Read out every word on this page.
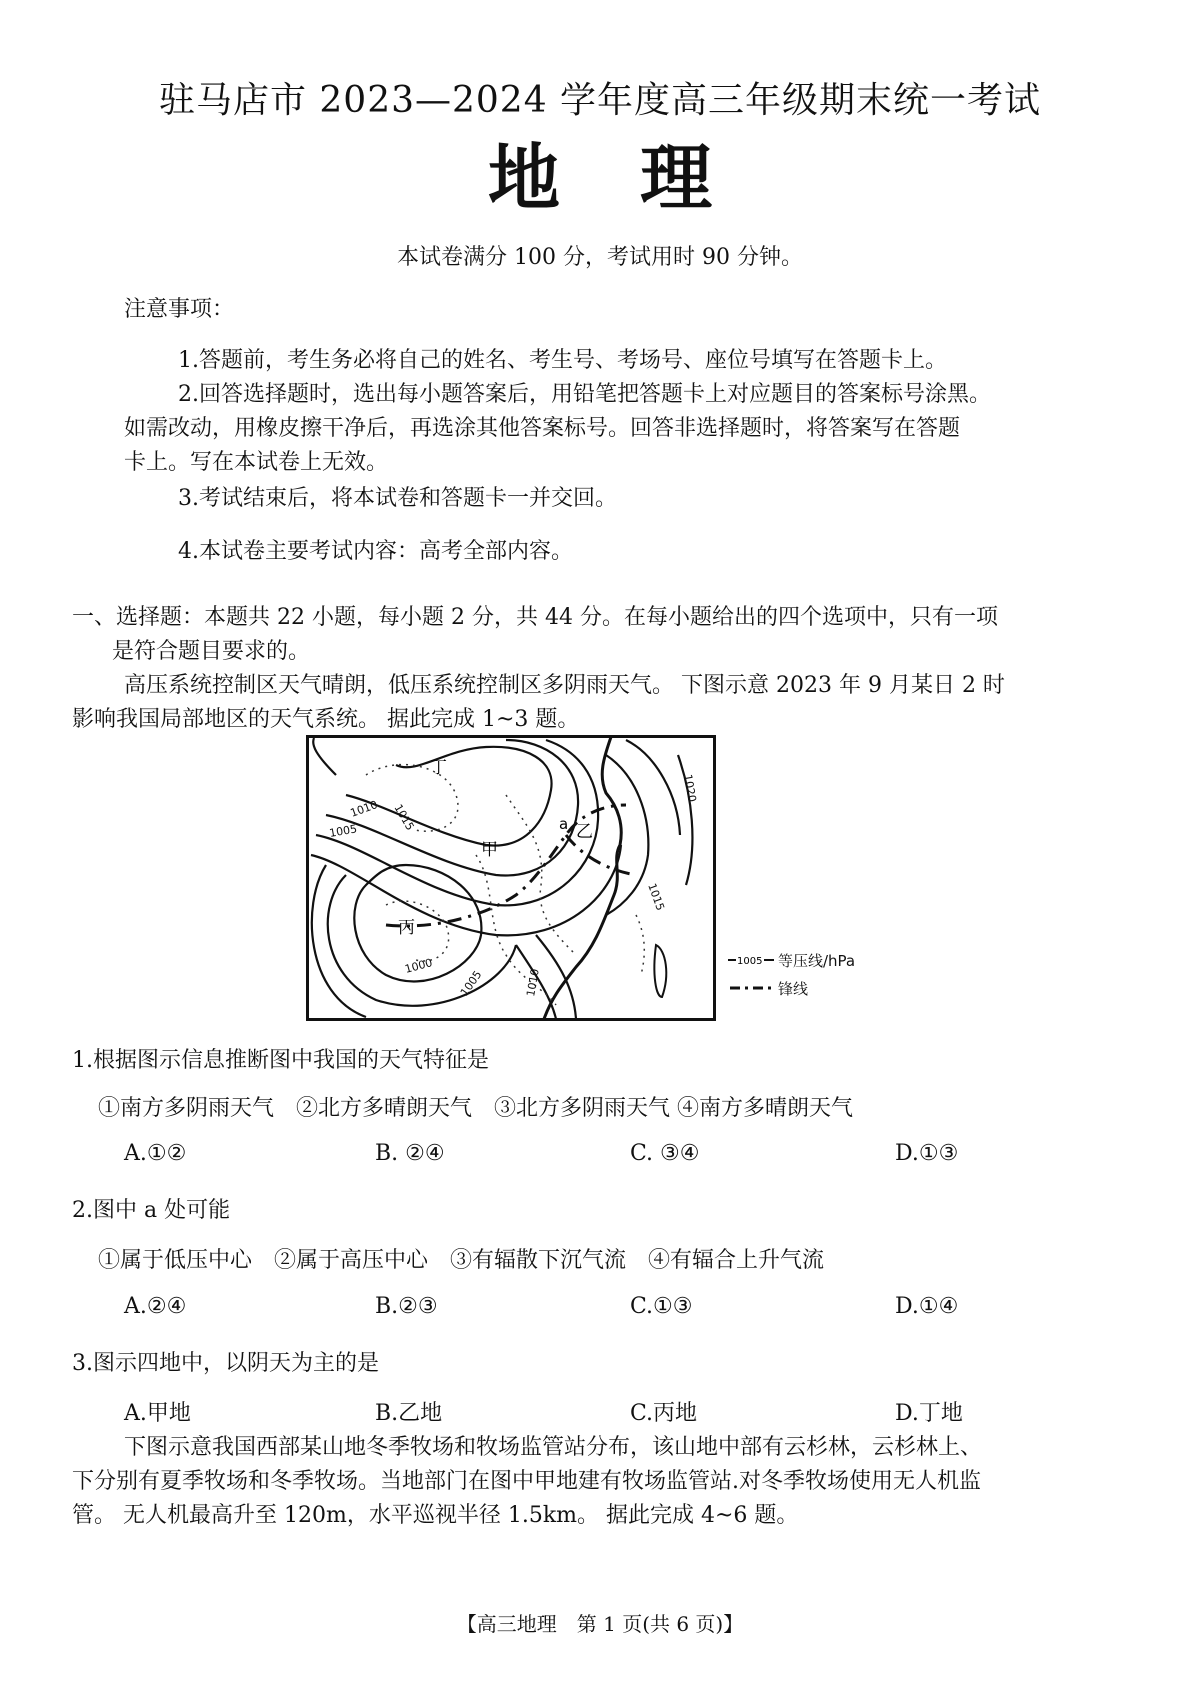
驻马店市 2023—2024 学年度高三年级期末统一考试
地理
本试卷满分 100 分，考试用时 90 分钟。
注意事项：
1.答题前，考生务必将自己的姓名、考生号、考场号、座位号填写在答题卡上。
2.回答选择题时，选出每小题答案后，用铅笔把答题卡上对应题目的答案标号涂黑。
如需改动，用橡皮擦干净后，再选涂其他答案标号。回答非选择题时，将答案写在答题
卡上。写在本试卷上无效。
3.考试结束后，将本试卷和答题卡一并交回。
4.本试卷主要考试内容：高考全部内容。
一、选择题：本题共 22 小题，每小题 2 分，共 44 分。在每小题给出的四个选项中，只有一项
是符合题目要求的。
高压系统控制区天气晴朗，低压系统控制区多阴雨天气。 下图示意 2023 年 9 月某日 2 时
影响我国局部地区的天气系统。 据此完成 1~3 题。
丁
甲
乙
丙
a
1015
1010
1005
1020
1015
1000
1005	1010
1005 等压线/hPa
锋线
1.根据图示信息推断图中我国的天气特征是
①南方多阴雨天气　②北方多晴朗天气　③北方多阴雨天气 ④南方多晴朗天气
A.①②	B. ②④	C. ③④	D.①③
2.图中 a 处可能
①属于低压中心　②属于高压中心　③有辐散下沉气流　④有辐合上升气流
A.②④	B.②③	C.①③	D.①④
3.图示四地中，以阴天为主的是
A.甲地	B.乙地	C.丙地	D.丁地
下图示意我国西部某山地冬季牧场和牧场监管站分布，该山地中部有云杉林，云杉林上、
下分别有夏季牧场和冬季牧场。当地部门在图中甲地建有牧场监管站.对冬季牧场使用无人机监
管。 无人机最高升至 120m，水平巡视半径 1.5km。 据此完成 4~6 题。
【高三地理　第 1 页(共 6 页)】
